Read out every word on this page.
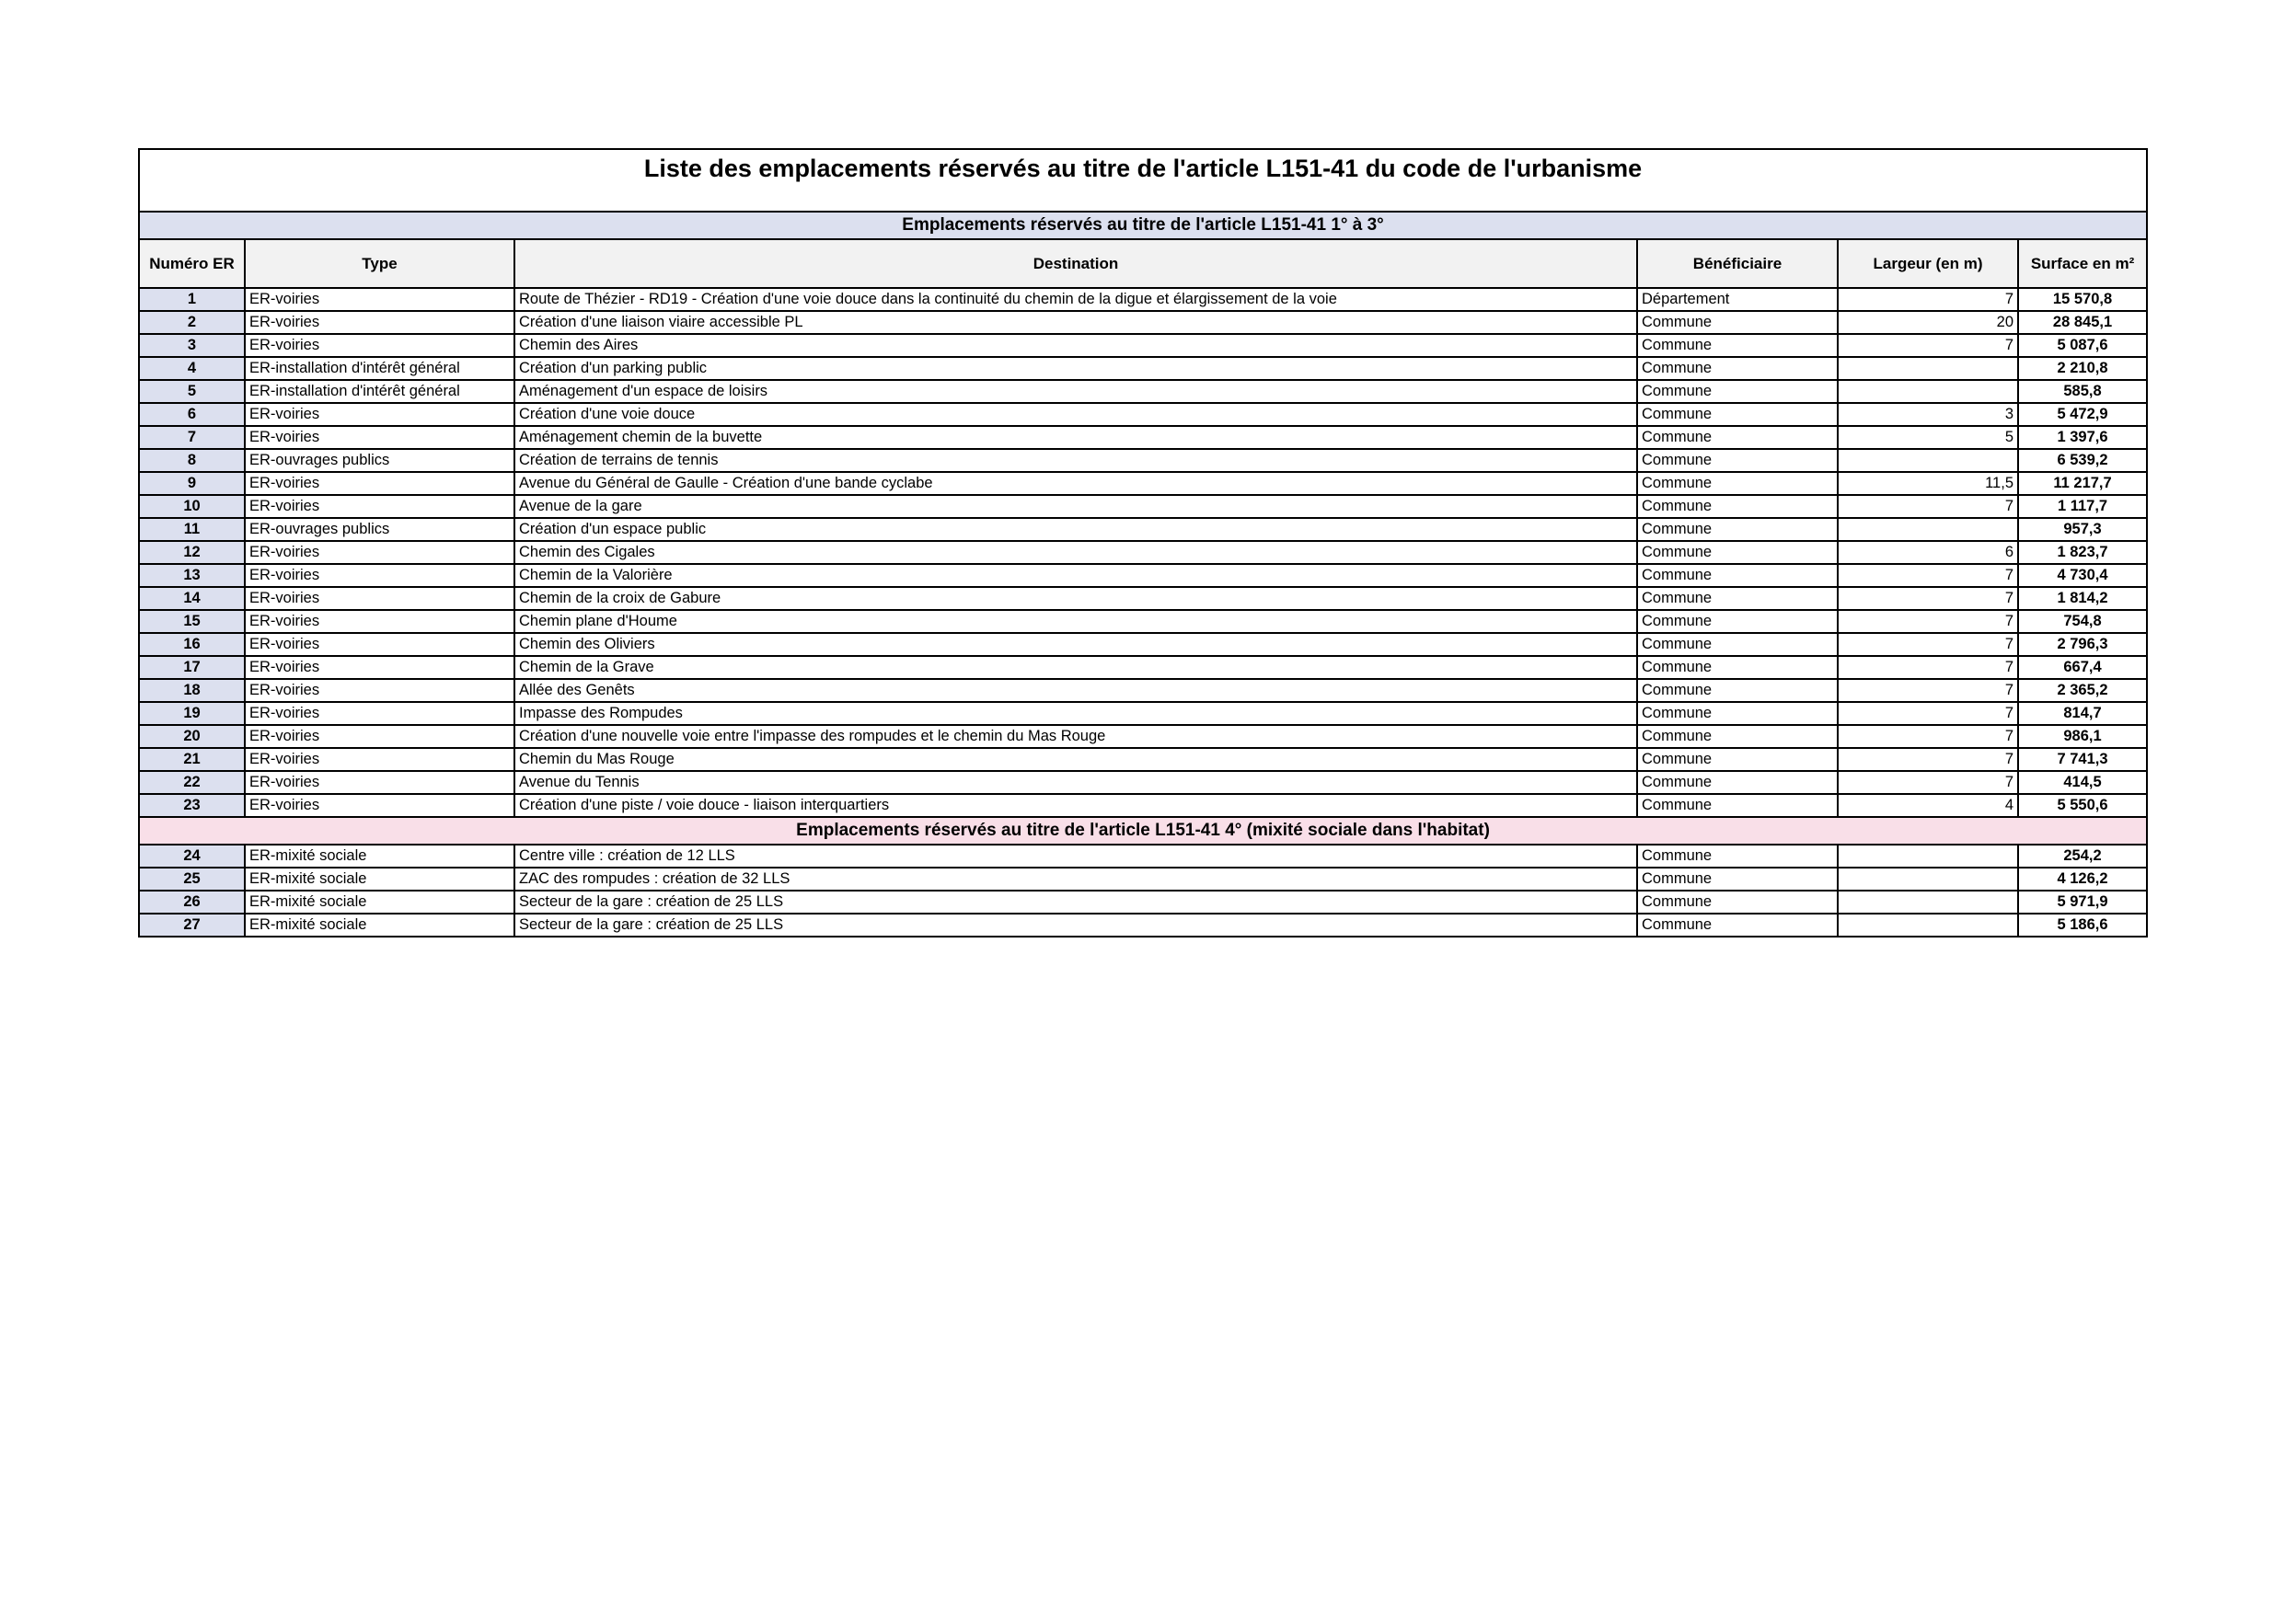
Liste des emplacements réservés au titre de l'article L151-41 du code de l'urbanisme					
Emplacements réservés au titre de l'article L151-41 1° à 3°					
Numéro ER	Type	Destination	Bénéficiaire	Largeur (en m)	Surface en m²
1	ER-voiries	Route de Thézier - RD19 - Création d'une voie douce dans la continuité du chemin de la digue et élargissement de la voie	Département	7	15 570,8
2	ER-voiries	Création d'une liaison viaire accessible PL	Commune	20	28 845,1
3	ER-voiries	Chemin des Aires	Commune	7	5 087,6
4	ER-installation d'intérêt général	Création d'un parking public	Commune		2 210,8
5	ER-installation d'intérêt général	Aménagement d'un espace de loisirs	Commune		585,8
6	ER-voiries	Création d'une voie douce	Commune	3	5 472,9
7	ER-voiries	Aménagement chemin de la buvette	Commune	5	1 397,6
8	ER-ouvrages publics	Création de terrains de tennis	Commune		6 539,2
9	ER-voiries	Avenue du Général de Gaulle - Création d'une bande cyclabe	Commune	11,5	11 217,7
10	ER-voiries	Avenue de la gare	Commune	7	1 117,7
11	ER-ouvrages publics	Création d'un espace public	Commune		957,3
12	ER-voiries	Chemin des Cigales	Commune	6	1 823,7
13	ER-voiries	Chemin de la Valorière	Commune	7	4 730,4
14	ER-voiries	Chemin de la croix de Gabure	Commune	7	1 814,2
15	ER-voiries	Chemin plane d'Houme	Commune	7	754,8
16	ER-voiries	Chemin des Oliviers	Commune	7	2 796,3
17	ER-voiries	Chemin de la Grave	Commune	7	667,4
18	ER-voiries	Allée des Genêts	Commune	7	2 365,2
19	ER-voiries	Impasse des Rompudes	Commune	7	814,7
20	ER-voiries	Création d'une nouvelle voie entre l'impasse des rompudes et le chemin du Mas Rouge	Commune	7	986,1
21	ER-voiries	Chemin du Mas Rouge	Commune	7	7 741,3
22	ER-voiries	Avenue du Tennis	Commune	7	414,5
23	ER-voiries	Création d'une piste / voie douce - liaison interquartiers	Commune	4	5 550,6
Emplacements réservés au titre de l'article L151-41 4° (mixité sociale dans l'habitat)					
24	ER-mixité sociale	Centre ville : création de 12 LLS	Commune		254,2
25	ER-mixité sociale	ZAC des rompudes : création de 32 LLS	Commune		4 126,2
26	ER-mixité sociale	Secteur de la gare : création de 25 LLS	Commune		5 971,9
27	ER-mixité sociale	Secteur de la gare : création de 25 LLS	Commune		5 186,6
